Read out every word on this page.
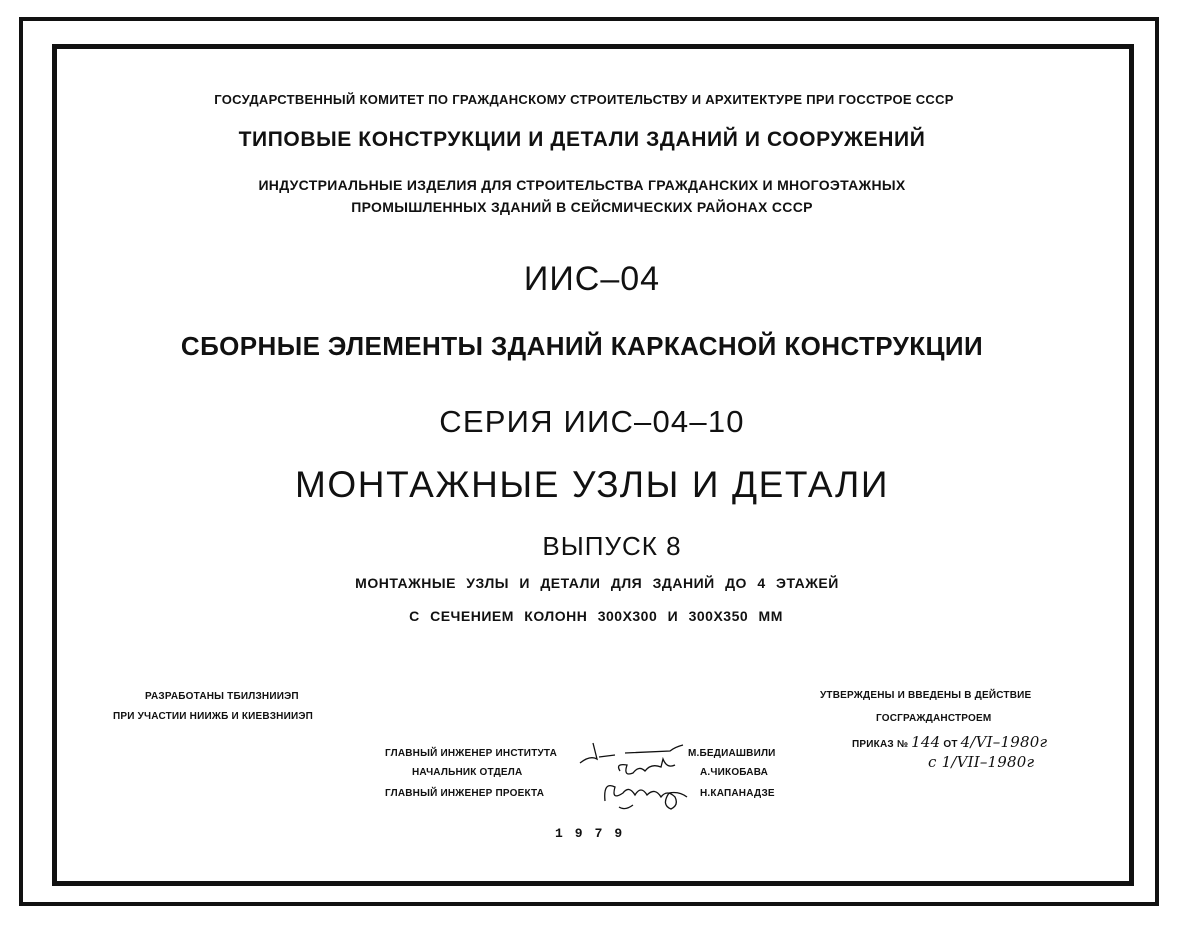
ГОСУДАРСТВЕННЫЙ КОМИТЕТ ПО ГРАЖДАНСКОМУ СТРОИТЕЛЬСТВУ И АРХИТЕКТУРЕ ПРИ ГОССТРОЕ СССР
ТИПОВЫЕ КОНСТРУКЦИИ И ДЕТАЛИ ЗДАНИЙ И СООРУЖЕНИЙ
ИНДУСТРИАЛЬНЫЕ ИЗДЕЛИЯ ДЛЯ СТРОИТЕЛЬСТВА ГРАЖДАНСКИХ И МНОГОЭТАЖНЫХ
ПРОМЫШЛЕННЫХ ЗДАНИЙ В СЕЙСМИЧЕСКИХ РАЙОНАХ СССР
ИИС–04
СБОРНЫЕ ЭЛЕМЕНТЫ ЗДАНИЙ КАРКАСНОЙ КОНСТРУКЦИИ
СЕРИЯ ИИС–04–10
МОНТАЖНЫЕ УЗЛЫ И ДЕТАЛИ
ВЫПУСК 8
МОНТАЖНЫЕ УЗЛЫ И ДЕТАЛИ ДЛЯ ЗДАНИЙ ДО 4 ЭТАЖЕЙ
С СЕЧЕНИЕМ КОЛОНН 300Х300 И 300Х350 ММ
РАЗРАБОТАНЫ ТБИЛЗНИИЭП
ПРИ УЧАСТИИ НИИЖБ И КИЕВЗНИИЭП
УТВЕРЖДЕНЫ И ВВЕДЕНЫ В ДЕЙСТВИЕ
ГОСГРАЖДАНСТРОЕМ
ПРИКАЗ № 144 ОТ 4/VI–1980г
с 1/VII–1980г
ГЛАВНЫЙ ИНЖЕНЕР ИНСТИТУТА
НАЧАЛЬНИК ОТДЕЛА
ГЛАВНЫЙ ИНЖЕНЕР ПРОЕКТА
М.БЕДИАШВИЛИ
А.ЧИКОБАВА
Н.КАПАНАДЗЕ
1979
